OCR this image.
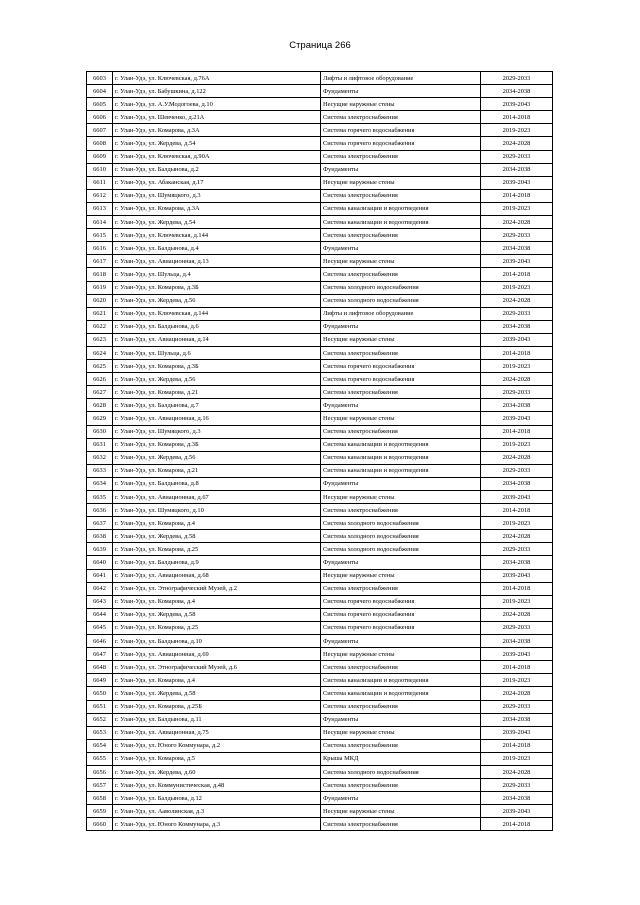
Страница 266
6603	г. Улан-Удэ, ул. Ключевская, д.76А	Лифты и лифтовое оборудование	2029-2033
6604	г. Улан-Удэ, ул. Бабушкина, д.122	Фундаменты	2034-2038
6605	г. Улан-Удэ, ул. А.У.Модогоева, д.10	Несущие наружные стены	2039-2043
6606	г. Улан-Удэ, ул. Шевченко, д.21А	Система электроснабжения	2014-2018
6607	г. Улан-Удэ, ул. Комарова, д.3А	Система горячего водоснабжения	2019-2023
6608	г. Улан-Удэ, ул. Жердева, д.54	Система горячего водоснабжения	2024-2028
6609	г. Улан-Удэ, ул. Ключевская, д.90А	Система электроснабжения	2029-2033
6610	г. Улан-Удэ, ул. Балдынова, д.2	Фундаменты	2034-2038
6611	г. Улан-Удэ, ул. Абаканская, д.17	Несущие наружные стены	2039-2043
6612	г. Улан-Удэ, ул. Шумяцкого, д.3	Система электроснабжения	2014-2018
6613	г. Улан-Удэ, ул. Комарова, д.3А	Система канализации и водоотведения	2019-2023
6614	г. Улан-Удэ, ул. Жердева, д.54	Система канализации и водоотведения	2024-2028
6615	г. Улан-Удэ, ул. Ключевская, д.144	Система электроснабжения	2029-2033
6616	г. Улан-Удэ, ул. Балдынова, д.4	Фундаменты	2034-2038
6617	г. Улан-Удэ, ул. Авиационная, д.13	Несущие наружные стены	2039-2043
6618	г. Улан-Удэ, ул. Шульца, д.4	Система электроснабжения	2014-2018
6619	г. Улан-Удэ, ул. Комарова, д.3Б	Система холодного водоснабжения	2019-2023
6620	г. Улан-Удэ, ул. Жердева, д.56	Система холодного водоснабжения	2024-2028
6621	г. Улан-Удэ, ул. Ключевская, д.144	Лифты и лифтовое оборудование	2029-2033
6622	г. Улан-Удэ, ул. Балдынова, д.6	Фундаменты	2034-2038
6623	г. Улан-Удэ, ул. Авиационная, д.14	Несущие наружные стены	2039-2043
6624	г. Улан-Удэ, ул. Шульца, д.6	Система электроснабжения	2014-2018
6625	г. Улан-Удэ, ул. Комарова, д.3Б	Система горячего водоснабжения	2019-2023
6626	г. Улан-Удэ, ул. Жердева, д.56	Система горячего водоснабжения	2024-2028
6627	г. Улан-Удэ, ул. Комарова, д.21	Система электроснабжения	2029-2033
6628	г. Улан-Удэ, ул. Балдынова, д.7	Фундаменты	2034-2038
6629	г. Улан-Удэ, ул. Авиационная, д.16	Несущие наружные стены	2039-2043
6630	г. Улан-Удэ, ул. Шумяцкого, д.3	Система электроснабжения	2014-2018
6631	г. Улан-Удэ, ул. Комарова, д.3Б	Система канализации и водоотведения	2019-2023
6632	г. Улан-Удэ, ул. Жердева, д.56	Система канализации и водоотведения	2024-2028
6633	г. Улан-Удэ, ул. Комарова, д.21	Система канализации и водоотведения	2029-2033
6634	г. Улан-Удэ, ул. Балдынова, д.8	Фундаменты	2034-2038
6635	г. Улан-Удэ, ул. Авиационная, д.67	Несущие наружные стены	2039-2043
6636	г. Улан-Удэ, ул. Шумяцкого, д.10	Система электроснабжения	2014-2018
6637	г. Улан-Удэ, ул. Комарова, д.4	Система холодного водоснабжения	2019-2023
6638	г. Улан-Удэ, ул. Жердева, д.58	Система холодного водоснабжения	2024-2028
6639	г. Улан-Удэ, ул. Комарова, д.25	Система холодного водоснабжения	2029-2033
6640	г. Улан-Удэ, ул. Балдынова, д.9	Фундаменты	2034-2038
6641	г. Улан-Удэ, ул. Авиационная, д.68	Несущие наружные стены	2039-2043
6642	г. Улан-Удэ, ул. Этнографический Музей, д.2	Система электроснабжения	2014-2018
6643	г. Улан-Удэ, ул. Комарова, д.4	Система горячего водоснабжения	2019-2023
6644	г. Улан-Удэ, ул. Жердева, д.58	Система горячего водоснабжения	2024-2028
6645	г. Улан-Удэ, ул. Комарова, д.25	Система горячего водоснабжения	2029-2033
6646	г. Улан-Удэ, ул. Балдынова, д.10	Фундаменты	2034-2038
6647	г. Улан-Удэ, ул. Авиационная, д.69	Несущие наружные стены	2039-2043
6648	г. Улан-Удэ, ул. Этнографический Музей, д.6	Система электроснабжения	2014-2018
6649	г. Улан-Удэ, ул. Комарова, д.4	Система канализации и водоотведения	2019-2023
6650	г. Улан-Удэ, ул. Жердева, д.58	Система канализации и водоотведения	2024-2028
6651	г. Улан-Удэ, ул. Комарова, д.25Б	Система электроснабжения	2029-2033
6652	г. Улан-Удэ, ул. Балдынова, д.11	Фундаменты	2034-2038
6653	г. Улан-Удэ, ул. Авиационная, д.75	Несущие наружные стены	2039-2043
6654	г. Улан-Удэ, ул. Юного Коммунара, д.2	Система электроснабжения	2014-2018
6655	г. Улан-Удэ, ул. Комарова, д.5	Крыша МКД	2019-2023
6656	г. Улан-Удэ, ул. Жердева, д.60	Система холодного водоснабжения	2024-2028
6657	г. Улан-Удэ, ул. Коммунистическая, д.48	Система электроснабжения	2029-2033
6658	г. Улан-Удэ, ул. Балдынова, д.12	Фундаменты	2034-2038
6659	г. Улан-Удэ, ул. Ааволинская, д.3	Несущие наружные стены	2039-2043
6660	г. Улан-Удэ, ул. Юного Коммунара, д.3	Система электроснабжения	2014-2018
